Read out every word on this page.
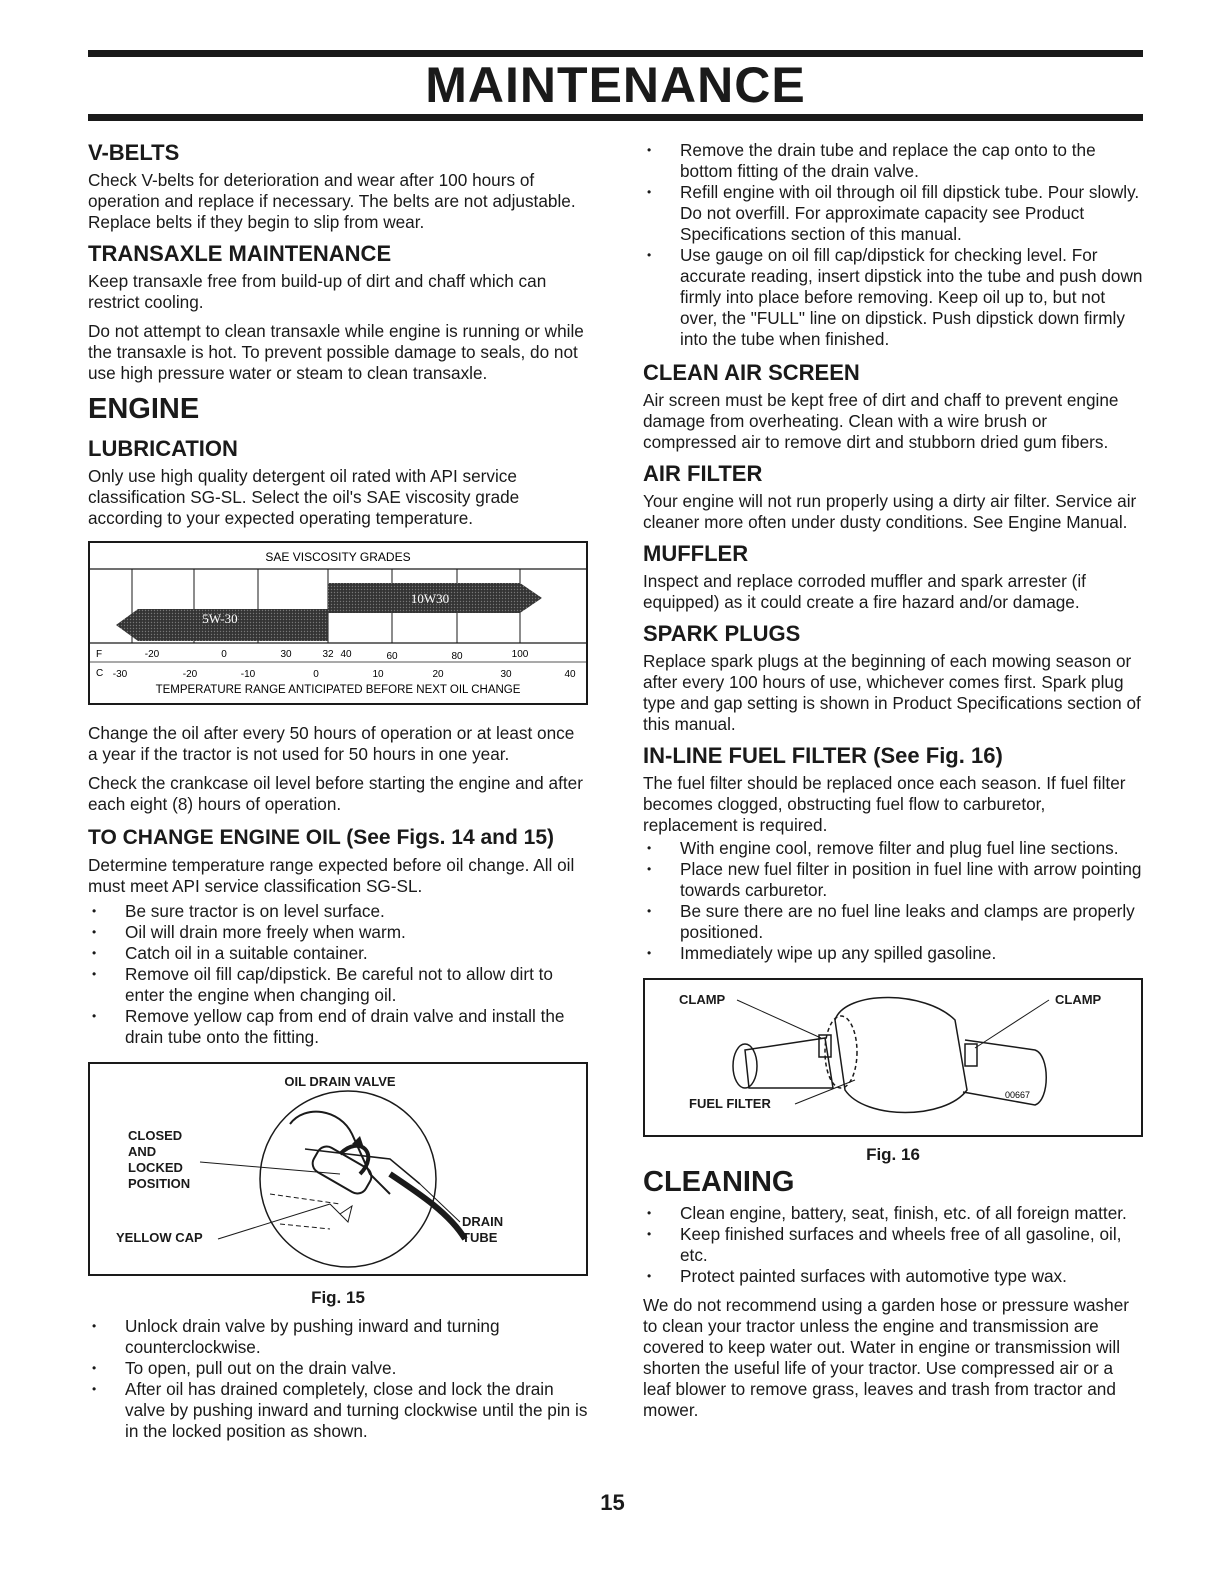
MAINTENANCE
V-BELTS

Check V-belts for deterioration and wear after 100 hours of operation and replace if necessary. The belts are not adjustable. Replace belts if they begin to slip from wear.

TRANSAXLE MAINTENANCE

Keep transaxle free from build-up of dirt and chaff which can restrict cooling.

Do not attempt to clean transaxle while engine is running or while the transaxle is hot. To prevent possible damage to seals, do not use high pressure water or steam to clean transaxle.

ENGINE
LUBRICATION

Only use high quality detergent oil rated with API service classification SG-SL. Select the oil's SAE viscosity grade according to your expected operating temperature.

SAE VISCOSITY GRADES
10W30
5W-30
F	-20	0	30	32 40	60	80	100
C -30	-20	-10	0	10	20	30	40
TEMPERATURE RANGE ANTICIPATED BEFORE NEXT OIL CHANGE

Change the oil after every 50 hours of operation or at least once a year if the tractor is not used for 50 hours in one year.

Check the crankcase oil level before starting the engine and after each eight (8) hours of operation.

TO CHANGE ENGINE OIL (See Figs. 14 and 15)

Determine temperature range expected before oil change. All oil must meet API service classification SG-SL.

• Be sure tractor is on level surface.
• Oil will drain more freely when warm.
• Catch oil in a suitable container.
• Remove oil fill cap/dipstick. Be careful not to allow dirt to enter the engine when changing oil.
• Remove yellow cap from end of drain valve and install the drain tube onto the fitting.
OIL DRAIN VALVE
CLOSED
AND
LOCKED
POSITION
YELLOW CAP
DRAIN
TUBE
Fig. 15
• Unlock drain valve by pushing inward and turning counterclockwise.
• To open, pull out on the drain valve.
• After oil has drained completely, close and lock the drain valve by pushing inward and turning clockwise until the pin is in the locked position as shown.
• Remove the drain tube and replace the cap onto to the bottom fitting of the drain valve.
• Refill engine with oil through oil fill dipstick tube. Pour slowly. Do not overfill. For approximate capacity see Product Specifications section of this manual.
• Use gauge on oil fill cap/dipstick for checking level. For accurate reading, insert dipstick into the tube and push down firmly into place before removing. Keep oil up to, but not over, the "FULL" line on dipstick. Push dipstick down firmly into the tube when finished.
CLEAN AIR SCREEN

Air screen must be kept free of dirt and chaff to prevent engine damage from overheating. Clean with a wire brush or compressed air to remove dirt and stubborn dried gum fibers.

AIR FILTER

Your engine will not run properly using a dirty air filter. Service air cleaner more often under dusty conditions. See Engine Manual.

MUFFLER

Inspect and replace corroded muffler and spark arrester (if equipped) as it could create a fire hazard and/or damage.

SPARK PLUGS

Replace spark plugs at the beginning of each mowing season or after every 100 hours of use, whichever comes first. Spark plug type and gap setting is shown in Product Specifications section of this manual.

IN-LINE FUEL FILTER (See Fig. 16)

The fuel filter should be replaced once each season. If fuel filter becomes clogged, obstructing fuel flow to carburetor, replacement is required.

• With engine cool, remove filter and plug fuel line sections.
• Place new fuel filter in position in fuel line with arrow pointing towards carburetor.
• Be sure there are no fuel line leaks and clamps are properly positioned.
• Immediately wipe up any spilled gasoline.
CLAMP	CLAMP
FUEL FILTER
00667
Fig. 16
CLEANING
• Clean engine, battery, seat, finish, etc. of all foreign matter.
• Keep finished surfaces and wheels free of all gasoline, oil, etc.
• Protect painted surfaces with automotive type wax.

We do not recommend using a garden hose or pressure washer to clean your tractor unless the engine and transmission are covered to keep water out. Water in engine or transmission will shorten the useful life of your tractor. Use compressed air or a leaf blower to remove grass, leaves and trash from tractor and mower.

15
